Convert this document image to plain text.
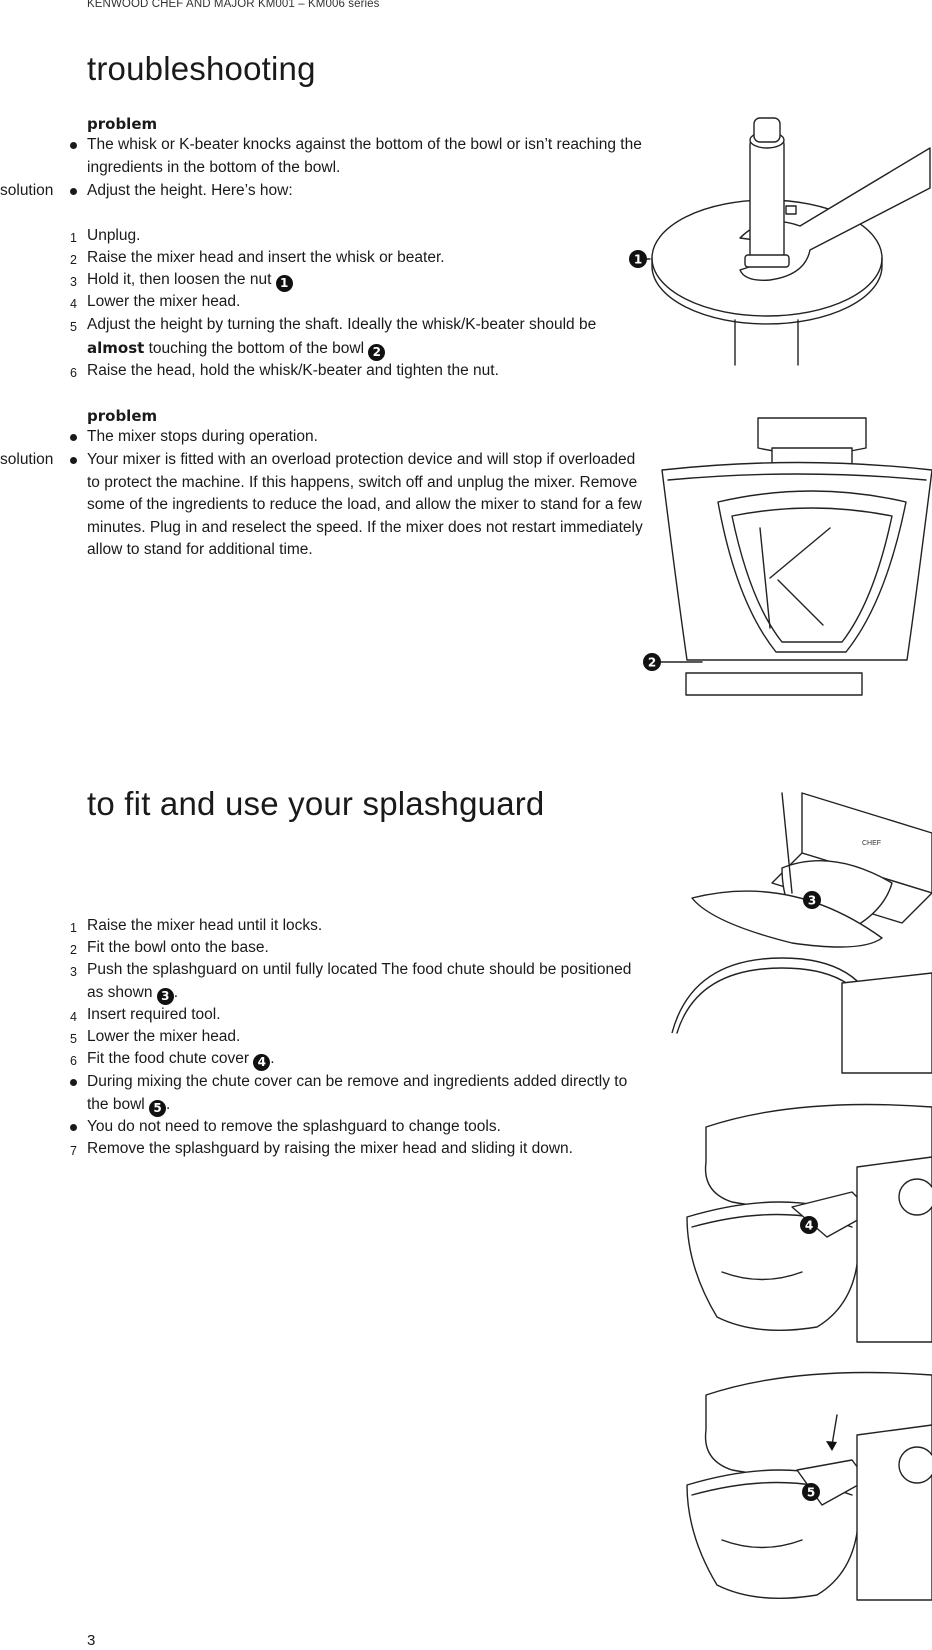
KENWOOD CHEF AND MAJOR KM001 – KM006 series
troubleshooting
problem
The whisk or K-beater knocks against the bottom of the bowl or isn’t reaching the ingredients in the bottom of the bowl.
solution Adjust the height. Here’s how:
1 Unplug.
2 Raise the mixer head and insert the whisk or beater.
3 Hold it, then loosen the nut 1
4 Lower the mixer head.
5 Adjust the height by turning the shaft. Ideally the whisk/K-beater should be almost touching the bottom of the bowl 2
6 Raise the head, hold the whisk/K-beater and tighten the nut.
problem
The mixer stops during operation.
solution Your mixer is fitted with an overload protection device and will stop if overloaded to protect the machine. If this happens, switch off and unplug the mixer. Remove some of the ingredients to reduce the load, and allow the mixer to stand for a few minutes. Plug in and reselect the speed. If the mixer does not restart immediately allow to stand for additional time.
to fit and use your splashguard
1 Raise the mixer head until it locks.
2 Fit the bowl onto the base.
3 Push the splashguard on until fully located The food chute should be positioned as shown 3 .
4 Insert required tool.
5 Lower the mixer head.
6 Fit the food chute cover 4 .
During mixing the chute cover can be remove and ingredients added directly to the bowl 5 .
You do not need to remove the splashguard to change tools.
7 Remove the splashguard by raising the mixer head and sliding it down.
1
2
CHEF
3
4
5
3
